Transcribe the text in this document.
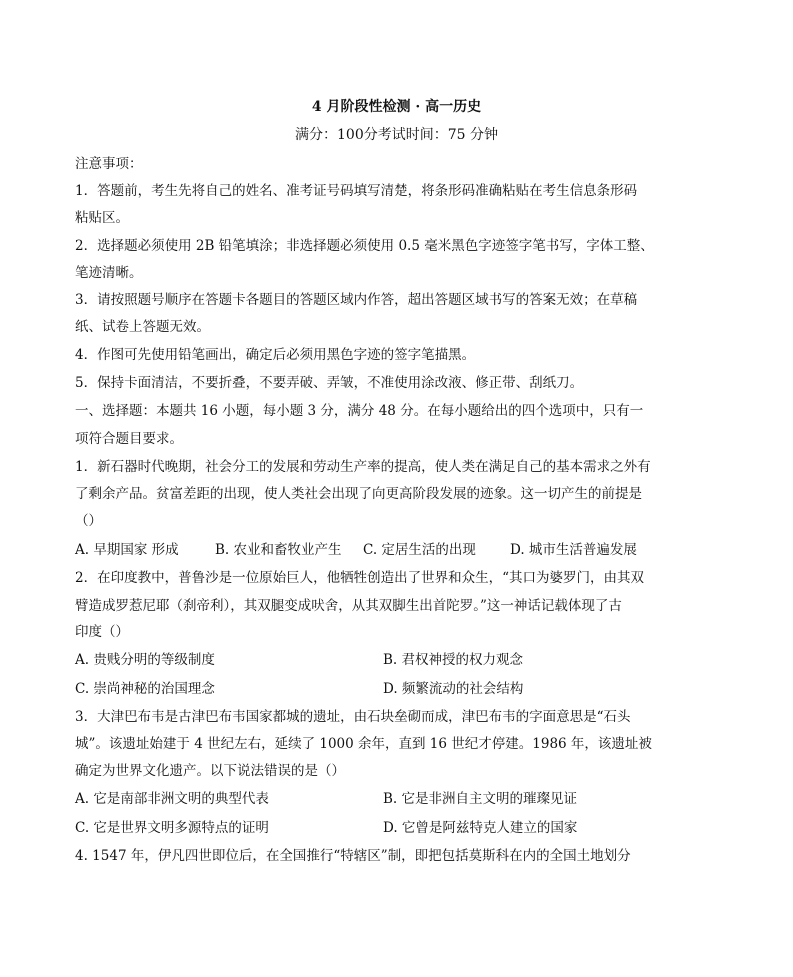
4 月阶段性检测 · 高一历史
满分：100分考试时间：75 分钟
注意事项：
1．答题前，考生先将自己的姓名、准考证号码填写清楚，将条形码准确粘贴在考生信息条形码
粘贴区。
2．选择题必须使用 2B 铅笔填涂；非选择题必须使用 0.5 毫米黑色字迹签字笔书写，字体工整、
笔迹清晰。
3．请按照题号顺序在答题卡各题目的答题区域内作答，超出答题区域书写的答案无效；在草稿
纸、试卷上答题无效。
4．作图可先使用铅笔画出，确定后必须用黑色字迹的签字笔描黑。
5．保持卡面清洁，不要折叠，不要弄破、弄皱，不准使用涂改液、修正带、刮纸刀。
一、选择题：本题共 16 小题，每小题 3 分，满分 48 分。在每小题给出的四个选项中，只有一
项符合题目要求。
1．新石器时代晚期，社会分工的发展和劳动生产率的提高，使人类在满足自己的基本需求之外有
了剩余产品。贫富差距的出现，使人类社会出现了向更高阶段发展的迹象。这一切产生的前提是
（）
A. 早期国家 形成	B. 农业和畜牧业产生 C. 定居生活的出现	D. 城市生活普遍发展
2．在印度教中，普鲁沙是一位原始巨人，他牺牲创造出了世界和众生，“其口为婆罗门，由其双
臂造成罗惹尼耶（刹帝利），其双腿变成吠舍，从其双脚生出首陀罗。”这一神话记载体现了古
印度（）
A. 贵贱分明的等级制度	B. 君权神授的权力观念
C. 崇尚神秘的治国理念	D. 频繁流动的社会结构
3．大津巴布韦是古津巴布韦国家都城的遗址，由石块垒砌而成，津巴布韦的字面意思是“石头
城”。该遗址始建于 4 世纪左右，延续了 1000 余年，直到 16 世纪才停建。1986 年，该遗址被
确定为世界文化遗产。以下说法错误的是（）
A. 它是南部非洲文明的典型代表	B. 它是非洲自主文明的璀璨见证
C. 它是世界文明多源特点的证明	D. 它曾是阿兹特克人建立的国家
4. 1547 年，伊凡四世即位后，在全国推行“特辖区”制，即把包括莫斯科在内的全国土地划分
